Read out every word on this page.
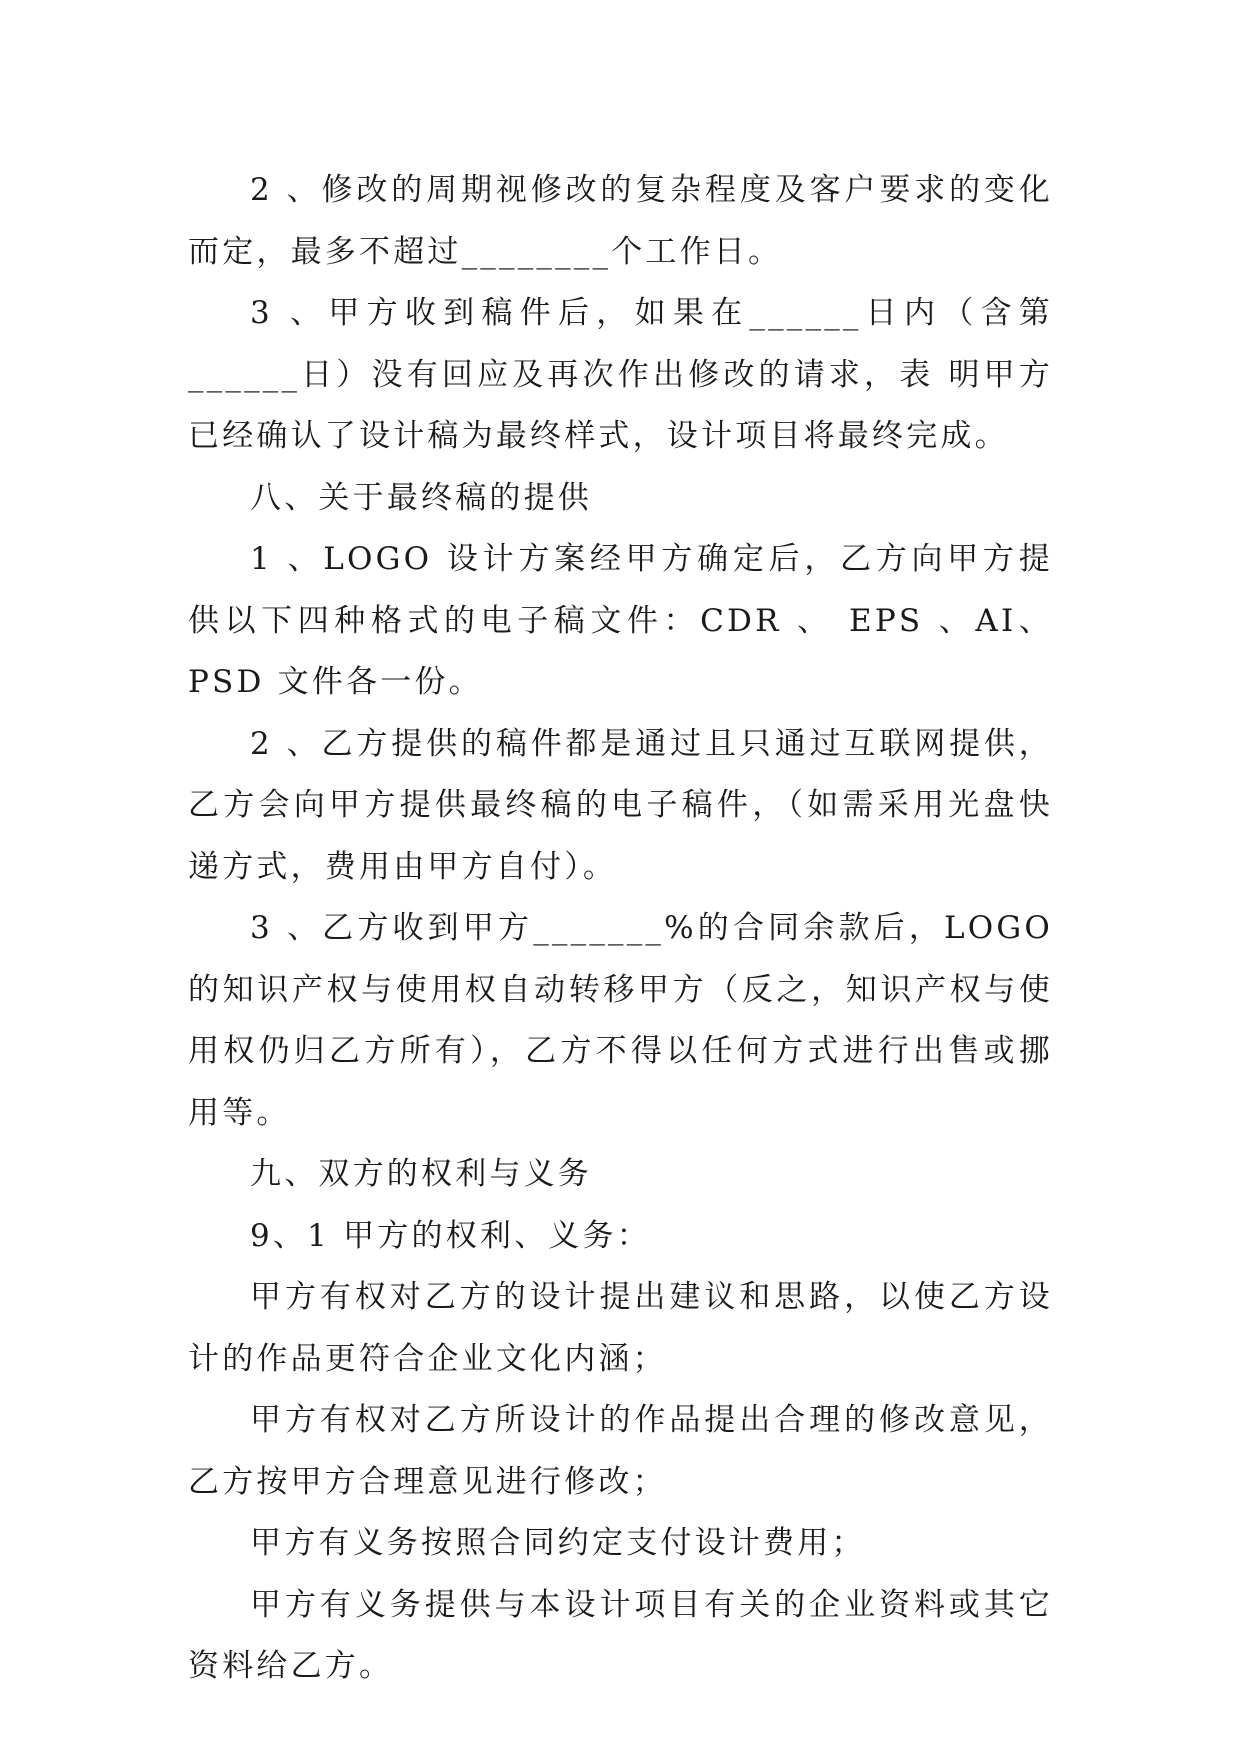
2 、修改的周期视修改的复杂程度及客户要求的变化而定，最多不超过________个工作日。

3 、甲方收到稿件后，如果在______日内（含第______日）没有回应及再次作出修改的请求，表 明甲方已经确认了设计稿为最终样式，设计项目将最终完成。

八、关于最终稿的提供

1 、LOGO 设计方案经甲方确定后，乙方向甲方提供以下四种格式的电子稿文件：CDR 、 EPS 、AI、 PSD 文件各一份。

2 、乙方提供的稿件都是通过且只通过互联网提供，乙方会向甲方提供最终稿的电子稿件，（如需采用光盘快递方式，费用由甲方自付）。

3 、乙方收到甲方_______%的合同余款后，LOGO 的知识产权与使用权自动转移甲方（反之，知识产权与使用权仍归乙方所有），乙方不得以任何方式进行出售或挪用等。

九、双方的权利与义务

9、1 甲方的权利、义务：

甲方有权对乙方的设计提出建议和思路，以使乙方设计的作品更符合企业文化内涵；

甲方有权对乙方所设计的作品提出合理的修改意见，乙方按甲方合理意见进行修改；

甲方有义务按照合同约定支付设计费用；

甲方有义务提供与本设计项目有关的企业资料或其它资料给乙方。
